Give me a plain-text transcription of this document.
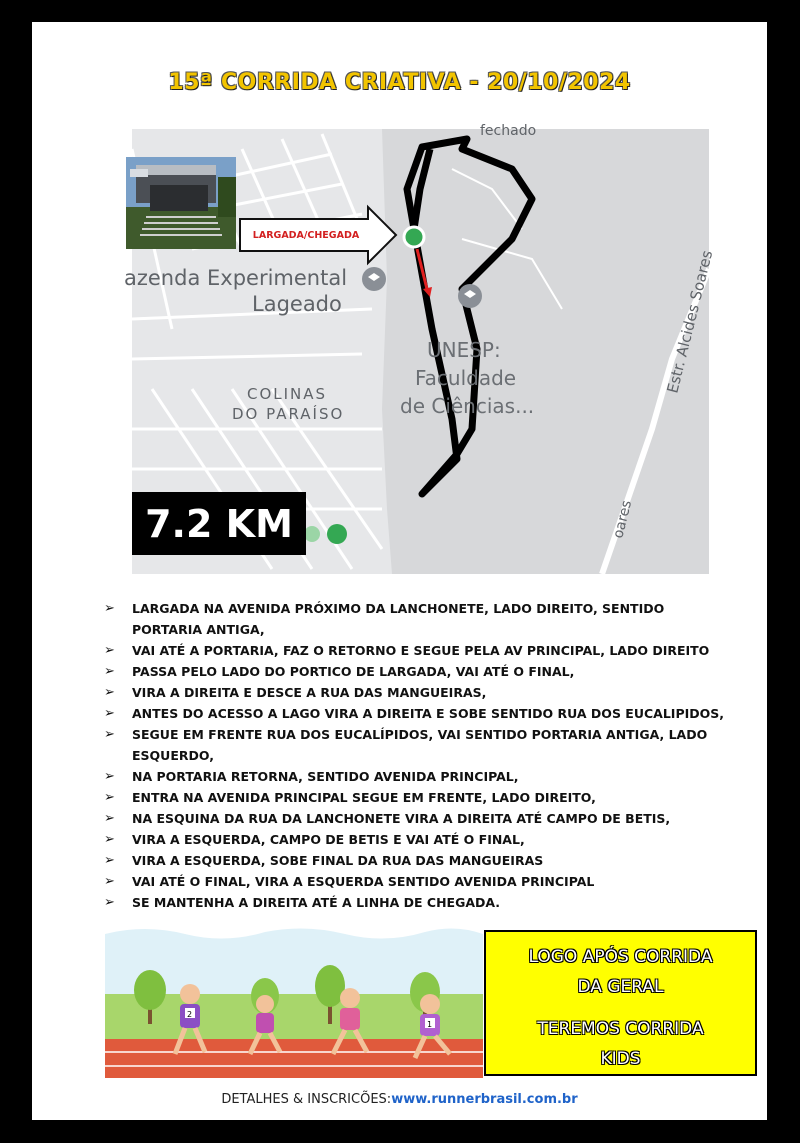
15ª CORRIDA CRIATIVA - 20/10/2024
azenda Experimental
Lageado
COLINAS
DO PARAÍSO
UNESP:
Faculdade
de Ciências...
Estr. Alcides Soares
fechado
oares
7.2 KM
LARGADA/CHEGADA
➢ LARGADA NA AVENIDA PRÓXIMO DA LANCHONETE, LADO DIREITO, SENTIDO PORTARIA ANTIGA,
➢ VAI ATÉ A PORTARIA, FAZ O RETORNO E SEGUE PELA AV PRINCIPAL, LADO DIREITO
➢ PASSA PELO LADO DO PORTICO DE LARGADA, VAI ATÉ O FINAL,
➢ VIRA A DIREITA E DESCE A RUA DAS MANGUEIRAS,
➢ ANTES DO ACESSO A LAGO VIRA A DIREITA E SOBE SENTIDO RUA DOS EUCALIPIDOS,
➢ SEGUE EM FRENTE RUA DOS EUCALÍPIDOS, VAI SENTIDO PORTARIA ANTIGA, LADO ESQUERDO,
➢ NA PORTARIA RETORNA, SENTIDO AVENIDA PRINCIPAL,
➢ ENTRA NA AVENIDA PRINCIPAL SEGUE EM FRENTE, LADO DIREITO,
➢ NA ESQUINA DA RUA DA LANCHONETE VIRA A DIREITA ATÉ CAMPO DE BETIS,
➢ VIRA A ESQUERDA, CAMPO DE BETIS E VAI ATÉ O FINAL,
➢ VIRA A ESQUERDA, SOBE FINAL DA RUA DAS MANGUEIRAS
➢ VAI ATÉ O FINAL, VIRA A ESQUERDA SENTIDO AVENIDA PRINCIPAL
➢ SE MANTENHA A DIREITA ATÉ A LINHA DE CHEGADA.
2
1

LOGO APÓS CORRIDA

DA GERAL

TEREMOS CORRIDA

KIDS

DETALHES & INSCRICÕES:www.runnerbrasil.com.br
